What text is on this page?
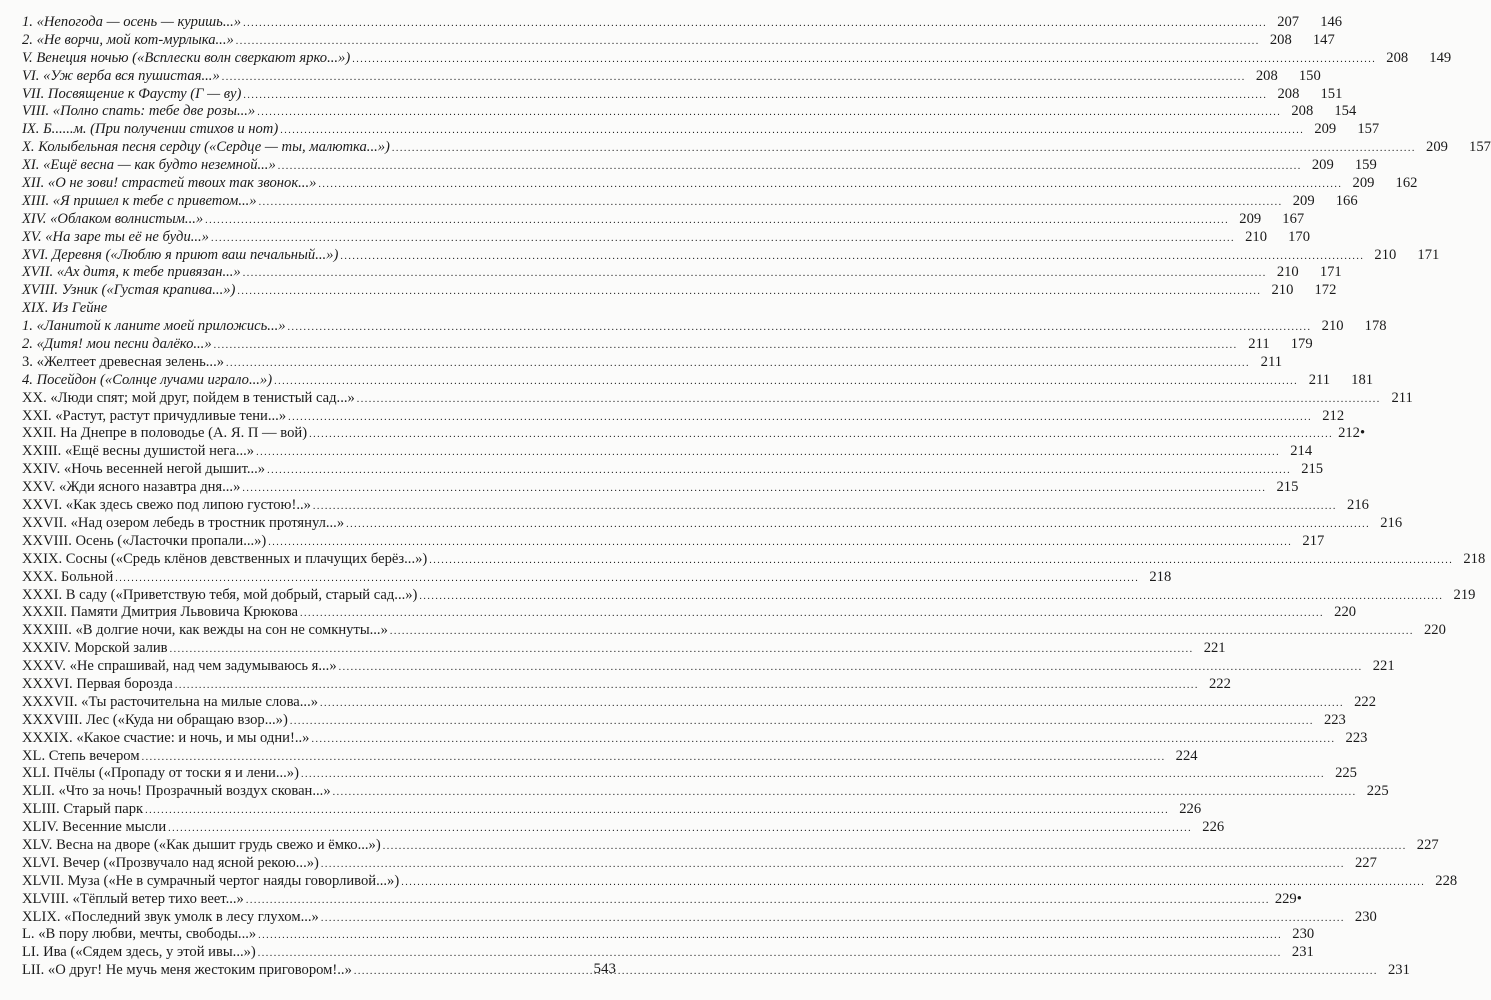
1. «Непогода — осень — куришь...» .....	207	146
2. «Не ворчи, мой кот-мурлыка...» .....	208	147
V. Венеция ночью («Всплески волн сверкают ярко...») .....	208	149
VI. «Уж верба вся пушистая...» .....	208	150
VII. Посвящение к Фаусту (Г — ву) .....	208	151
VIII. «Полно спать: тебе две розы...» .....	208	154
IX. Б......м. (При получении стихов и нот) .....	209	157
X. Колыбельная песня сердцу («Сердце — ты, малютка...») .....	209	157
XI. «Ещё весна — как будто неземной...» .....	209	159
XII. «О не зови! страстей твоих так звонок...» .....	209	162
XIII. «Я пришел к тебе с приветом...» .....	209	166
XIV. «Облаком волнистым...» .....	209	167
XV. «На заре ты её не буди...» .....	210	170
XVI. Деревня («Люблю я приют ваш печальный...») .....	210	171
XVII. «Ах дитя, к тебе привязан...» .....	210	171
XVIII. Узник («Густая крапива...») .....	210	172
XIX. Из Гейне
1. «Ланитой к ланите моей приложись...» .....	210	178
2. «Дитя! мои песни далёко...» .....	211	179
3. «Желтеет древесная зелень...» .....	211
4. Посейдон («Солнце лучами играло...») .....	211	181
XX. «Люди спят; мой друг, пойдем в тенистый сад...» .....	211
XXI. «Растут, растут причудливые тени...» .....	212
XXII. На Днепре в половодье (А. Я. П — вой) .....	212•
XXIII. «Ещё весны душистой нега...» .....	214
XXIV. «Ночь весенней негой дышит...» .....	215
XXV. «Жди ясного назавтра дня...» .....	215
XXVI. «Как здесь свежо под липою густою!..» .....	216
XXVII. «Над озером лебедь в тростник протянул...» .....	216
XXVIII. Осень («Ласточки пропали...») .....	217
XXIX. Сосны («Средь клёнов девственных и плачущих берёз...») .....	218
XXX. Больной .....	218
XXXI. В саду («Приветствую тебя, мой добрый, старый сад...») .....	219
XXXII. Памяти Дмитрия Львовича Крюкова .....	220
XXXIII. «В долгие ночи, как вежды на сон не сомкнуты...» .....	220
XXXIV. Морской залив .....	221
XXXV. «Не спрашивай, над чем задумываюсь я...» .....	221
XXXVI. Первая борозда .....	222
XXXVII. «Ты расточительна на милые слова...» .....	222
XXXVIII. Лес («Куда ни обращаю взор...») .....	223
XXXIX. «Какое счастие: и ночь, и мы одни!..» .....	223
XL. Степь вечером .....	224
XLI. Пчёлы («Пропаду от тоски я и лени...») .....	225
XLII. «Что за ночь! Прозрачный воздух скован...» .....	225
XLIII. Старый парк .....	226
XLIV. Весенние мысли .....	226
XLV. Весна на дворе («Как дышит грудь свежо и ёмко...») .....	227
XLVI. Вечер («Прозвучало над ясной рекою...») .....	227
XLVII. Муза («Не в сумрачный чертог наяды говорливой...») .....	228
XLVIII. «Тёплый ветер тихо веет...» .....	229•
XLIX. «Последний звук умолк в лесу глухом...» .....	230
L. «В пору любви, мечты, свободы...» .....	230
LI. Ива («Сядем здесь, у этой ивы...») .....	231
LII. «О друг! Не мучь меня жестоким приговором!..» .....	231
543
